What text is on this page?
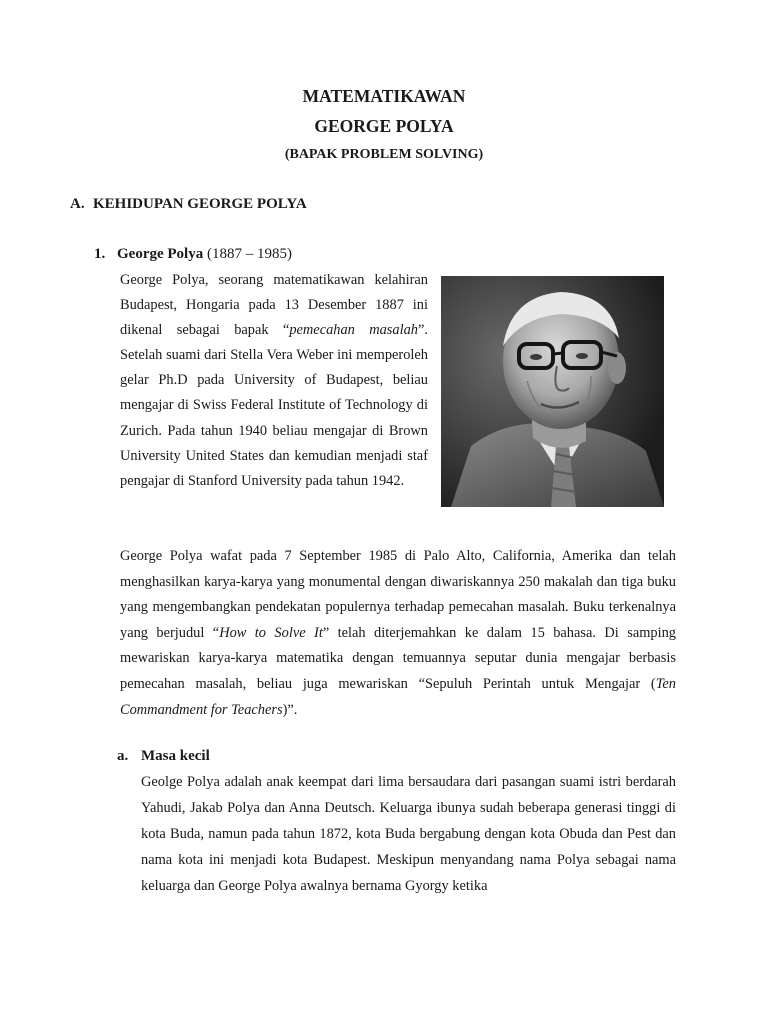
MATEMATIKAWAN
GEORGE POLYA
(BAPAK PROBLEM SOLVING)
A. KEHIDUPAN GEORGE POLYA
1. George Polya (1887 – 1985)

George Polya, seorang matematikawan kelahiran Budapest, Hongaria pada 13 Desember 1887 ini dikenal sebagai bapak “pemecahan masalah”. Setelah suami dari Stella Vera Weber ini memperoleh gelar Ph.D pada University of Budapest, beliau mengajar di Swiss Federal Institute of Technology di Zurich. Pada tahun 1940 beliau mengajar di Brown University United States dan kemudian menjadi staf pengajar di Stanford University pada tahun 1942.

George Polya wafat pada 7 September 1985 di Palo Alto, California, Amerika dan telah menghasilkan karya-karya yang monumental dengan diwariskannya 250 makalah dan tiga buku yang mengembangkan pendekatan populernya terhadap pemecahan masalah. Buku terkenalnya yang berjudul “How to Solve It” telah diterjemahkan ke dalam 15 bahasa. Di samping mewariskan karya-karya matematika dengan temuannya seputar dunia mengajar berbasis pemecahan masalah, beliau juga mewariskan “Sepuluh Perintah untuk Mengajar (Ten Commandment for Teachers)”.

a. Masa kecil

Geolge Polya adalah anak keempat dari lima bersaudara dari pasangan suami istri berdarah Yahudi, Jakab Polya dan Anna Deutsch. Keluarga ibunya sudah beberapa generasi tinggi di kota Buda, namun pada tahun 1872, kota Buda bergabung dengan kota Obuda dan Pest dan nama kota ini menjadi kota Budapest. Meskipun menyandang nama Polya sebagai nama keluarga dan George Polya awalnya bernama Gyorgy ketika
